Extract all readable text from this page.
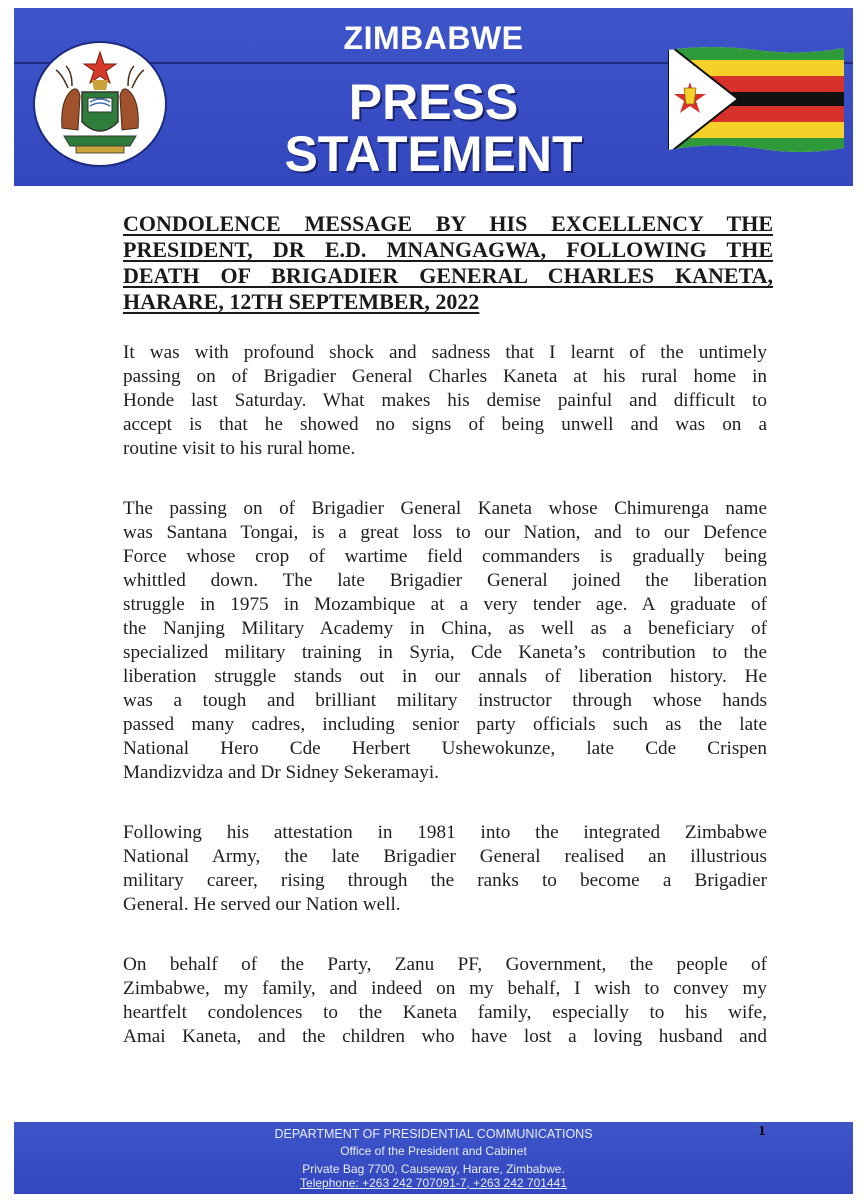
ZIMBABWE
PRESS
STATEMENT
CONDOLENCE MESSAGE BY HIS EXCELLENCY THE
PRESIDENT, DR E.D. MNANGAGWA, FOLLOWING THE
DEATH OF BRIGADIER GENERAL CHARLES KANETA,
HARARE, 12TH SEPTEMBER, 2022
It was with profound shock and sadness that I learnt of the untimely
passing on of Brigadier General Charles Kaneta at his rural home in
Honde last Saturday. What makes his demise painful and difficult to
accept is that he showed no signs of being unwell and was on a
routine visit to his rural home.
The passing on of Brigadier General Kaneta whose Chimurenga name
was Santana Tongai, is a great loss to our Nation, and to our Defence
Force whose crop of wartime field commanders is gradually being
whittled down. The late Brigadier General joined the liberation
struggle in 1975 in Mozambique at a very tender age. A graduate of
the Nanjing Military Academy in China, as well as a beneficiary of
specialized military training in Syria, Cde Kaneta’s contribution to the
liberation struggle stands out in our annals of liberation history. He
was a tough and brilliant military instructor through whose hands
passed many cadres, including senior party officials such as the late
National Hero Cde Herbert Ushewokunze, late Cde Crispen
Mandizvidza and Dr Sidney Sekeramayi.
Following his attestation in 1981 into the integrated Zimbabwe
National Army, the late Brigadier General realised an illustrious
military career, rising through the ranks to become a Brigadier
General. He served our Nation well.
On behalf of the Party, Zanu PF, Government, the people of
Zimbabwe, my family, and indeed on my behalf, I wish to convey my
heartfelt condolences to the Kaneta family, especially to his wife,
Amai Kaneta, and the children who have lost a loving husband and
DEPARTMENT OF PRESIDENTIAL COMMUNICATIONS
Office of the President and Cabinet
Private Bag 7700, Causeway, Harare, Zimbabwe.
Telephone: +263 242 707091-7, +263 242 701441
1
